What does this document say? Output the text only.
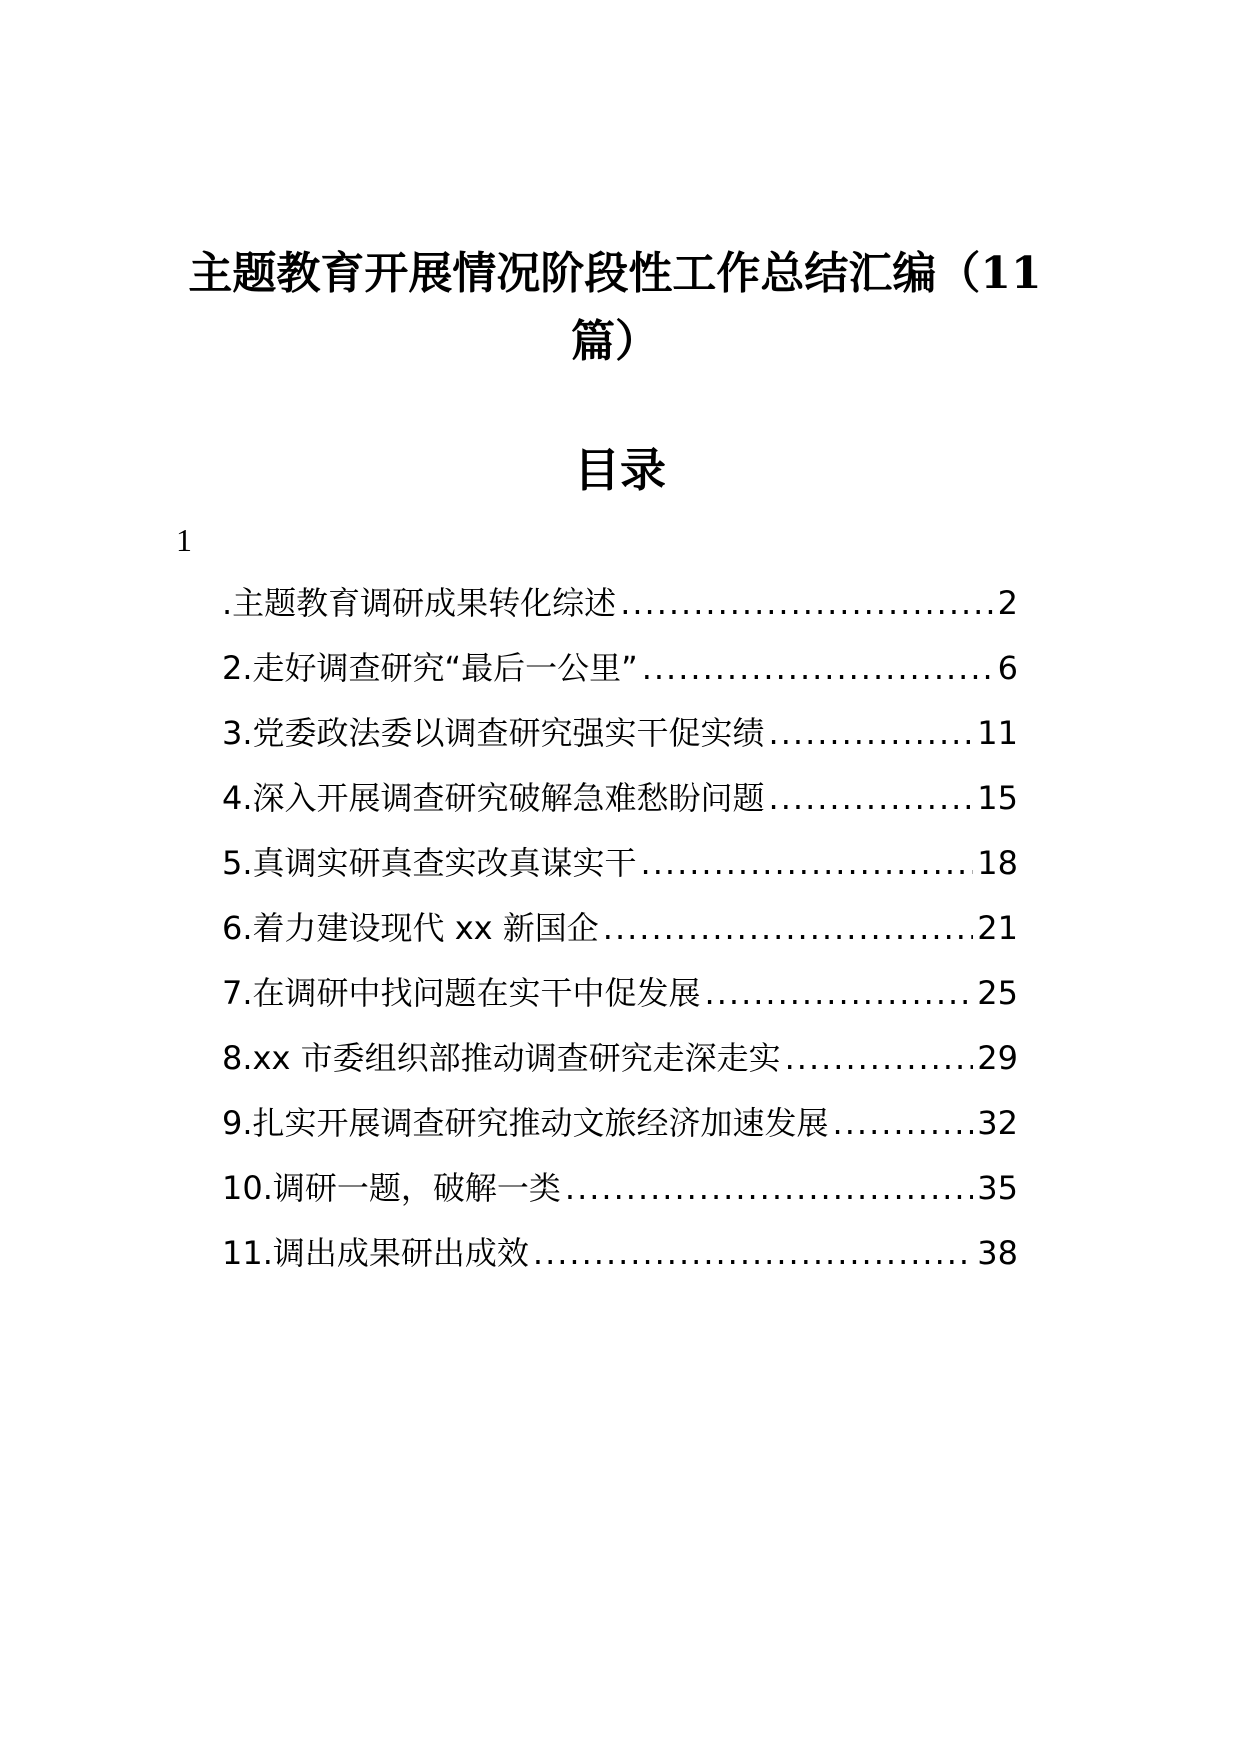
主题教育开展情况阶段性工作总结汇编（11篇）
目录
1
.主题教育调研成果转化综述 .....	2
2.走好调查研究“最后一公里” .....	6
3.党委政法委以调查研究强实干促实绩 .....	11
4.深入开展调查研究破解急难愁盼问题 .....	15
5.真调实研真查实改真谋实干 .....	18
6.着力建设现代 xx 新国企 .....	21
7.在调研中找问题在实干中促发展 .....	25
8.xx 市委组织部推动调查研究走深走实 .....	29
9.扎实开展调查研究推动文旅经济加速发展 .....	32
10.调研一题，破解一类 .....	35
11.调出成果研出成效 .....	38
